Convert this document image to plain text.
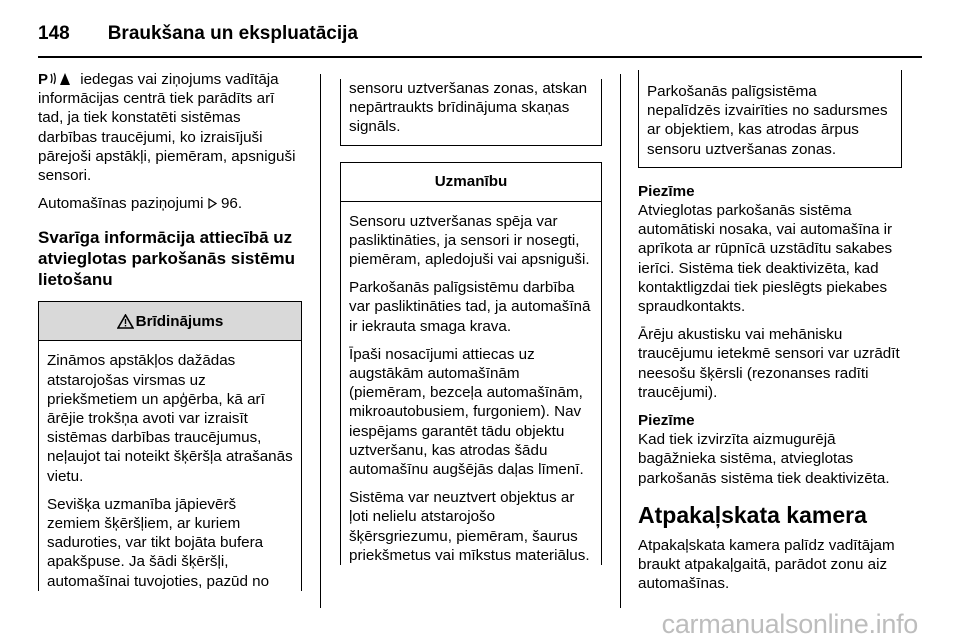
148 Braukšana un ekspluatācija

P iedegas vai ziņojums vadītāja informācijas centrā tiek parādīts arī tad, ja tiek konstatēti sistēmas darbības traucējumi, ko izraisījuši pārejoši apstākļi, piemēram, apsniguši sensori.

Automašīnas paziņojumi 96.

Svarīga informācija attiecībā uz atvieglotas parkošanās sistēmu lietošanu
Brīdinājums

Zināmos apstākļos dažādas atstarojošas virsmas uz priekšmetiem un apģērba, kā arī ārējie trokšņa avoti var izraisīt sistēmas darbības traucējumus, neļaujot tai noteikt šķēršļa atrašanās vietu.

Sevišķa uzmanība jāpievērš zemiem šķēršļiem, ar kuriem saduroties, var tikt bojāta bufera apakšpuse. Ja šādi šķēršļi, automašīnai tuvojoties, pazūd no

sensoru uztveršanas zonas, atskan nepārtraukts brīdinājuma skaņas signāls.

Uzmanību

Sensoru uztveršanas spēja var pasliktināties, ja sensori ir nosegti, piemēram, apledojuši vai apsniguši.

Parkošanās palīgsistēmu darbība var pasliktināties tad, ja automašīnā ir iekrauta smaga krava.

Īpaši nosacījumi attiecas uz augstākām automašīnām (piemēram, bezceļa automašīnām, mikroautobusiem, furgoniem). Nav iespējams garantēt tādu objektu uztveršanu, kas atrodas šādu automašīnu augšējās daļas līmenī.

Sistēma var neuztvert objektus ar ļoti nelielu atstarojošo šķērsgriezumu, piemēram, šaurus priekšmetus vai mīkstus materiālus.

Parkošanās palīgsistēma nepalīdzēs izvairīties no sadursmes ar objektiem, kas atrodas ārpus sensoru uztveršanas zonas.

Piezīme

Atvieglotas parkošanās sistēma automātiski nosaka, vai automašīna ir aprīkota ar rūpnīcā uzstādītu sakabes ierīci. Sistēma tiek deaktivizēta, kad kontaktligzdai tiek pieslēgts piekabes spraudkontakts.

Ārēju akustisku vai mehānisku traucējumu ietekmē sensori var uzrādīt neesošu šķērsli (rezonanses radīti traucējumi).

Piezīme

Kad tiek izvirzīta aizmugurējā bagāžnieka sistēma, atvieglotas parkošanās sistēma tiek deaktivizēta.

Atpakaļskata kamera

Atpakaļskata kamera palīdz vadītājam braukt atpakaļgaitā, parādot zonu aiz automašīnas.

carmanualsonline.info
